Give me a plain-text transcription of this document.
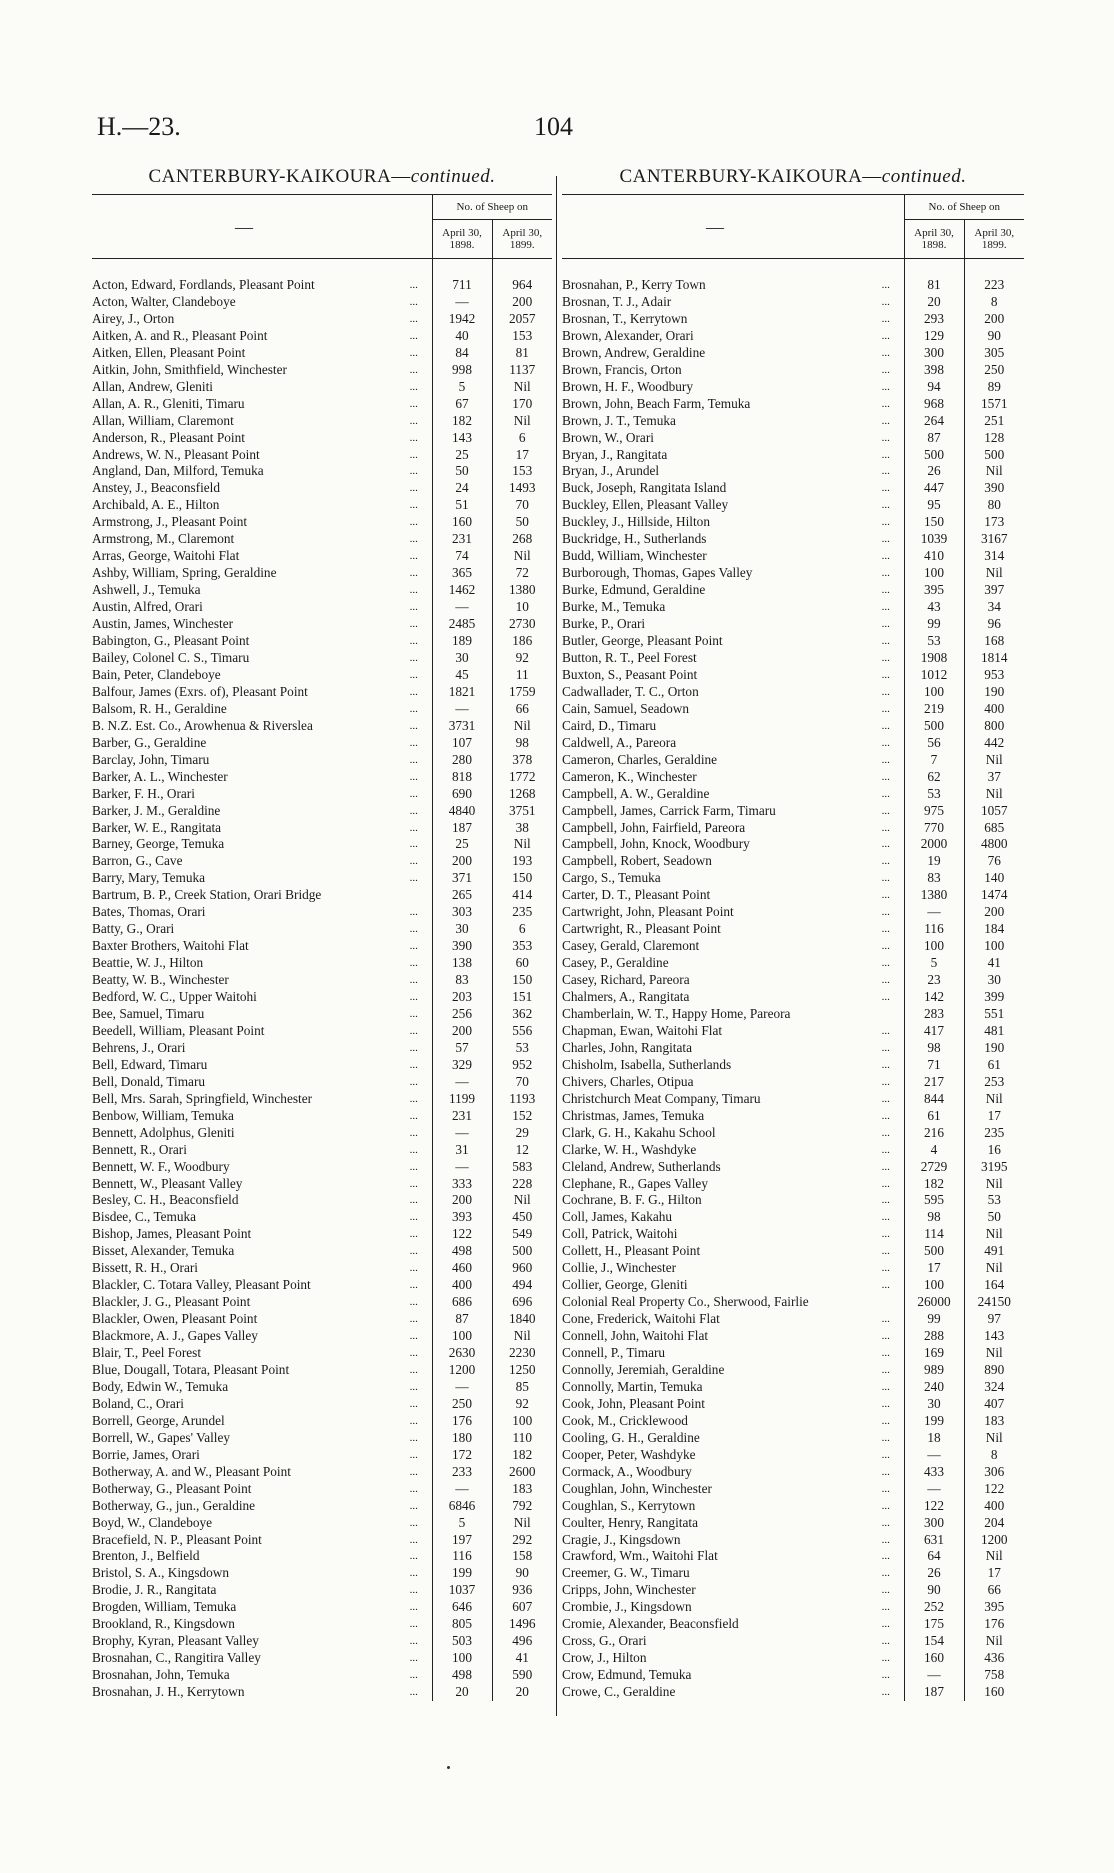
H.—23.	104
CANTERBURY-KAIKOURA—continued.
—		No. of Sheep on	
		April 30, 1898.	April 30, 1899.

Acton, Edward, Fordlands, Pleasant Point	...	711	964
Acton, Walter, Clandeboye	...	—	200
Airey, J., Orton	...	1942	2057
Aitken, A. and R., Pleasant Point	...	40	153
Aitken, Ellen, Pleasant Point	...	84	81
Aitkin, John, Smithfield, Winchester	...	998	1137
Allan, Andrew, Gleniti	...	5	Nil
Allan, A. R., Gleniti, Timaru	...	67	170
Allan, William, Claremont	...	182	Nil
Anderson, R., Pleasant Point	...	143	6
Andrews, W. N., Pleasant Point	...	25	17
Angland, Dan, Milford, Temuka	...	50	153
Anstey, J., Beaconsfield	...	24	1493
Archibald, A. E., Hilton	...	51	70
Armstrong, J., Pleasant Point	...	160	50
Armstrong, M., Claremont	...	231	268
Arras, George, Waitohi Flat	...	74	Nil
Ashby, William, Spring, Geraldine	...	365	72
Ashwell, J., Temuka	...	1462	1380
Austin, Alfred, Orari	...	—	10
Austin, James, Winchester	...	2485	2730
Babington, G., Pleasant Point	...	189	186
Bailey, Colonel C. S., Timaru	...	30	92
Bain, Peter, Clandeboye	...	45	11
Balfour, James (Exrs. of), Pleasant Point	...	1821	1759
Balsom, R. H., Geraldine	...	—	66
B. N.Z. Est. Co., Arowhenua & Riverslea	...	3731	Nil
Barber, G., Geraldine	...	107	98
Barclay, John, Timaru	...	280	378
Barker, A. L., Winchester	...	818	1772
Barker, F. H., Orari	...	690	1268
Barker, J. M., Geraldine	...	4840	3751
Barker, W. E., Rangitata	...	187	38
Barney, George, Temuka	...	25	Nil
Barron, G., Cave	...	200	193
Barry, Mary, Temuka	...	371	150
Bartrum, B. P., Creek Station, Orari Bridge		265	414
Bates, Thomas, Orari	...	303	235
Batty, G., Orari	...	30	6
Baxter Brothers, Waitohi Flat	...	390	353
Beattie, W. J., Hilton	...	138	60
Beatty, W. B., Winchester	...	83	150
Bedford, W. C., Upper Waitohi	...	203	151
Bee, Samuel, Timaru	...	256	362
Beedell, William, Pleasant Point	...	200	556
Behrens, J., Orari	...	57	53
Bell, Edward, Timaru	...	329	952
Bell, Donald, Timaru	...	—	70
Bell, Mrs. Sarah, Springfield, Winchester	...	1199	1193
Benbow, William, Temuka	...	231	152
Bennett, Adolphus, Gleniti	...	—	29
Bennett, R., Orari	...	31	12
Bennett, W. F., Woodbury	...	—	583
Bennett, W., Pleasant Valley	...	333	228
Besley, C. H., Beaconsfield	...	200	Nil
Bisdee, C., Temuka	...	393	450
Bishop, James, Pleasant Point	...	122	549
Bisset, Alexander, Temuka	...	498	500
Bissett, R. H., Orari	...	460	960
Blackler, C. Totara Valley, Pleasant Point	...	400	494
Blackler, J. G., Pleasant Point	...	686	696
Blackler, Owen, Pleasant Point	...	87	1840
Blackmore, A. J., Gapes Valley	...	100	Nil
Blair, T., Peel Forest	...	2630	2230
Blue, Dougall, Totara, Pleasant Point	...	1200	1250
Body, Edwin W., Temuka	...	—	85
Boland, C., Orari	...	250	92
Borrell, George, Arundel	...	176	100
Borrell, W., Gapes' Valley	...	180	110
Borrie, James, Orari	...	172	182
Botherway, A. and W., Pleasant Point	...	233	2600
Botherway, G., Pleasant Point	...	—	183
Botherway, G., jun., Geraldine	...	6846	792
Boyd, W., Clandeboye	...	5	Nil
Bracefield, N. P., Pleasant Point	...	197	292
Brenton, J., Belfield	...	116	158
Bristol, S. A., Kingsdown	...	199	90
Brodie, J. R., Rangitata	...	1037	936
Brogden, William, Temuka	...	646	607
Brookland, R., Kingsdown	...	805	1496
Brophy, Kyran, Pleasant Valley	...	503	496
Brosnahan, C., Rangitira Valley	...	100	41
Brosnahan, John, Temuka	...	498	590
Brosnahan, J. H., Kerrytown	...	20	20
CANTERBURY-KAIKOURA—continued.
—		No. of Sheep on	
		April 30, 1898.	April 30, 1899.

Brosnahan, P., Kerry Town	...	81	223
Brosnan, T. J., Adair	...	20	8
Brosnan, T., Kerrytown	...	293	200
Brown, Alexander, Orari	...	129	90
Brown, Andrew, Geraldine	...	300	305
Brown, Francis, Orton	...	398	250
Brown, H. F., Woodbury	...	94	89
Brown, John, Beach Farm, Temuka	...	968	1571
Brown, J. T., Temuka	...	264	251
Brown, W., Orari	...	87	128
Bryan, J., Rangitata	...	500	500
Bryan, J., Arundel	...	26	Nil
Buck, Joseph, Rangitata Island	...	447	390
Buckley, Ellen, Pleasant Valley	...	95	80
Buckley, J., Hillside, Hilton	...	150	173
Buckridge, H., Sutherlands	...	1039	3167
Budd, William, Winchester	...	410	314
Burborough, Thomas, Gapes Valley	...	100	Nil
Burke, Edmund, Geraldine	...	395	397
Burke, M., Temuka	...	43	34
Burke, P., Orari	...	99	96
Butler, George, Pleasant Point	...	53	168
Button, R. T., Peel Forest	...	1908	1814
Buxton, S., Peasant Point	...	1012	953
Cadwallader, T. C., Orton	...	100	190
Cain, Samuel, Seadown	...	219	400
Caird, D., Timaru	...	500	800
Caldwell, A., Pareora	...	56	442
Cameron, Charles, Geraldine	...	7	Nil
Cameron, K., Winchester	...	62	37
Campbell, A. W., Geraldine	...	53	Nil
Campbell, James, Carrick Farm, Timaru	...	975	1057
Campbell, John, Fairfield, Pareora	...	770	685
Campbell, John, Knock, Woodbury	...	2000	4800
Campbell, Robert, Seadown	...	19	76
Cargo, S., Temuka	...	83	140
Carter, D. T., Pleasant Point	...	1380	1474
Cartwright, John, Pleasant Point	...	—	200
Cartwright, R., Pleasant Point	...	116	184
Casey, Gerald, Claremont	...	100	100
Casey, P., Geraldine	...	5	41
Casey, Richard, Pareora	...	23	30
Chalmers, A., Rangitata	...	142	399
Chamberlain, W. T., Happy Home, Pareora		283	551
Chapman, Ewan, Waitohi Flat	...	417	481
Charles, John, Rangitata	...	98	190
Chisholm, Isabella, Sutherlands	...	71	61
Chivers, Charles, Otipua	...	217	253
Christchurch Meat Company, Timaru	...	844	Nil
Christmas, James, Temuka	...	61	17
Clark, G. H., Kakahu School	...	216	235
Clarke, W. H., Washdyke	...	4	16
Cleland, Andrew, Sutherlands	...	2729	3195
Clephane, R., Gapes Valley	...	182	Nil
Cochrane, B. F. G., Hilton	...	595	53
Coll, James, Kakahu	...	98	50
Coll, Patrick, Waitohi	...	114	Nil
Collett, H., Pleasant Point	...	500	491
Collie, J., Winchester	...	17	Nil
Collier, George, Gleniti	...	100	164
Colonial Real Property Co., Sherwood, Fairlie		26000	24150
Cone, Frederick, Waitohi Flat	...	99	97
Connell, John, Waitohi Flat	...	288	143
Connell, P., Timaru	...	169	Nil
Connolly, Jeremiah, Geraldine	...	989	890
Connolly, Martin, Temuka	...	240	324
Cook, John, Pleasant Point	...	30	407
Cook, M., Cricklewood	...	199	183
Cooling, G. H., Geraldine	...	18	Nil
Cooper, Peter, Washdyke	...	—	8
Cormack, A., Woodbury	...	433	306
Coughlan, John, Winchester	...	—	122
Coughlan, S., Kerrytown	...	122	400
Coulter, Henry, Rangitata	...	300	204
Cragie, J., Kingsdown	...	631	1200
Crawford, Wm., Waitohi Flat	...	64	Nil
Creemer, G. W., Timaru	...	26	17
Cripps, John, Winchester	...	90	66
Crombie, J., Kingsdown	...	252	395
Cromie, Alexander, Beaconsfield	...	175	176
Cross, G., Orari	...	154	Nil
Crow, J., Hilton	...	160	436
Crow, Edmund, Temuka	...	—	758
Crowe, C., Geraldine	...	187	160
